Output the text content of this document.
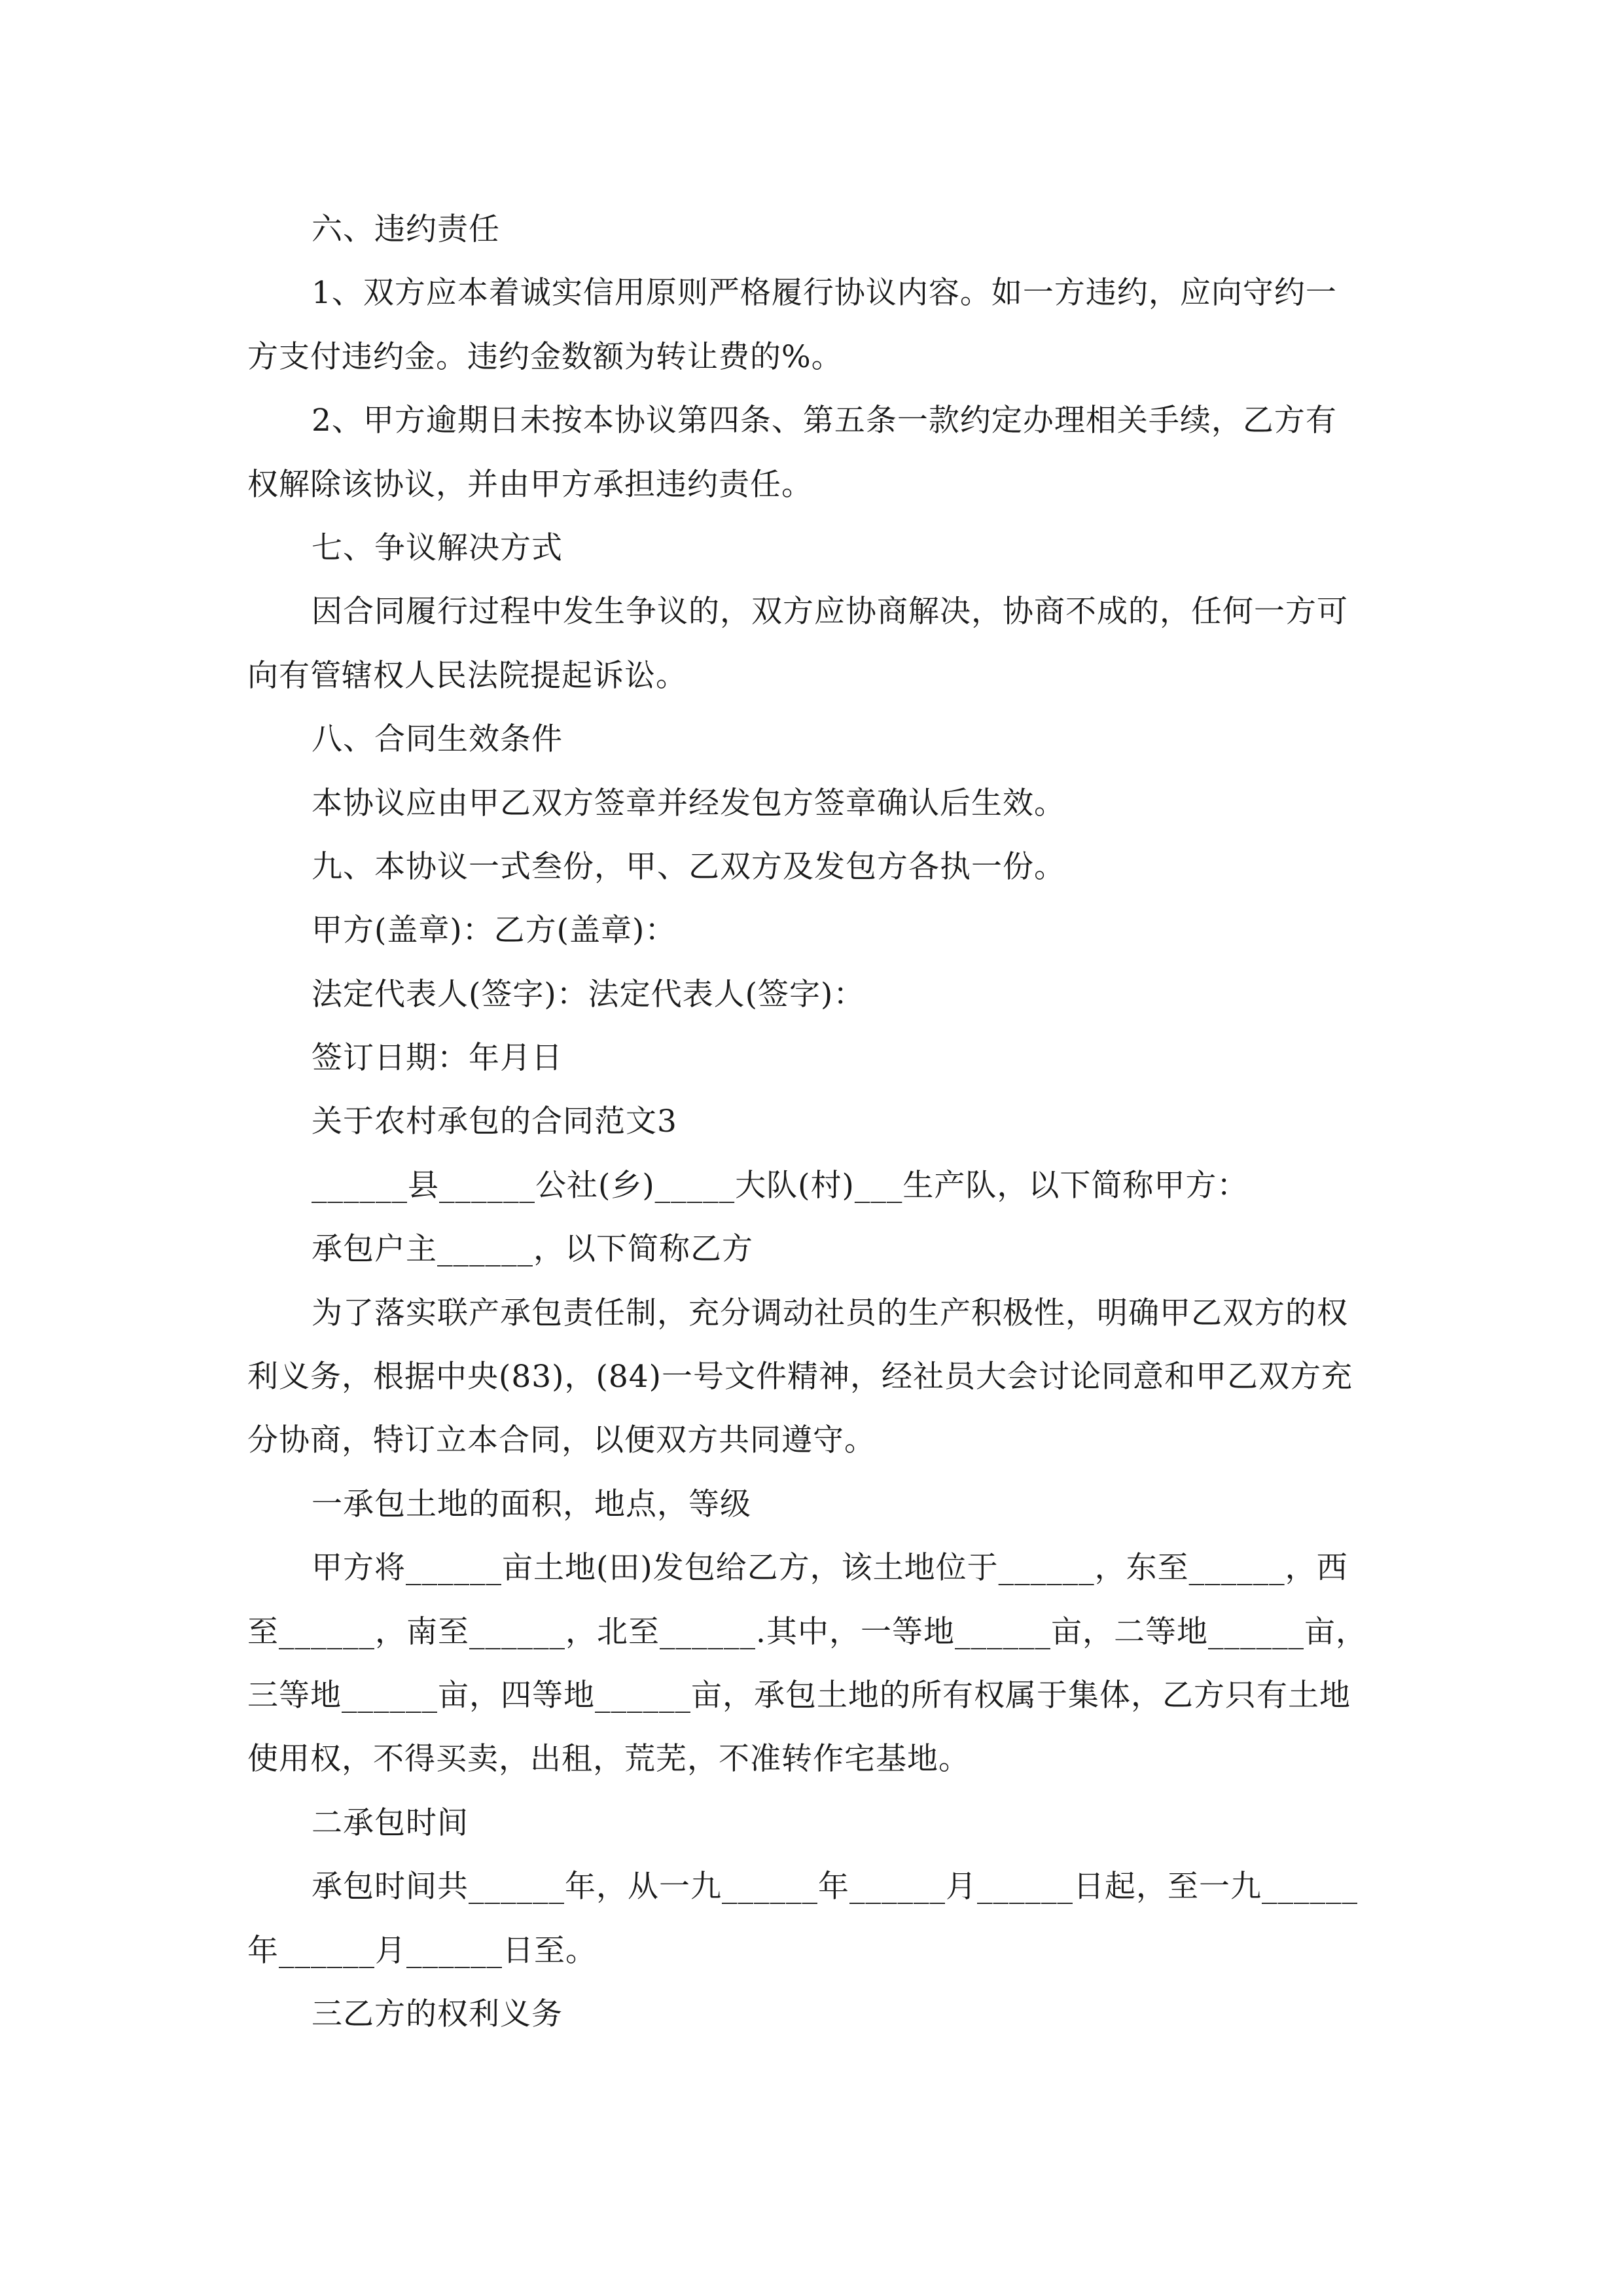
六、违约责任
1、双方应本着诚实信用原则严格履行协议内容。如一方违约，应向守约一
方支付违约金。违约金数额为转让费的%。
2、甲方逾期日未按本协议第四条、第五条一款约定办理相关手续，乙方有
权解除该协议，并由甲方承担违约责任。
七、争议解决方式
因合同履行过程中发生争议的，双方应协商解决，协商不成的，任何一方可
向有管辖权人民法院提起诉讼。
八、合同生效条件
本协议应由甲乙双方签章并经发包方签章确认后生效。
九、本协议一式叁份，甲、乙双方及发包方各执一份。
甲方(盖章)：乙方(盖章)：
法定代表人(签字)：法定代表人(签字)：
签订日期：年月日
关于农村承包的合同范文3
______县______公社(乡)_____大队(村)___生产队，以下简称甲方：
承包户主______，以下简称乙方
为了落实联产承包责任制，充分调动社员的生产积极性，明确甲乙双方的权
利义务，根据中央(83)，(84)一号文件精神，经社员大会讨论同意和甲乙双方充
分协商，特订立本合同，以便双方共同遵守。
一承包土地的面积，地点，等级
甲方将______亩土地(田)发包给乙方，该土地位于______，东至______，西
至______，南至______，北至______.其中，一等地______亩，二等地______亩，
三等地______亩，四等地______亩，承包土地的所有权属于集体，乙方只有土地
使用权，不得买卖，出租，荒芜，不准转作宅基地。
二承包时间
承包时间共______年，从一九______年______月______日起，至一九______
年______月______日至。
三乙方的权利义务
